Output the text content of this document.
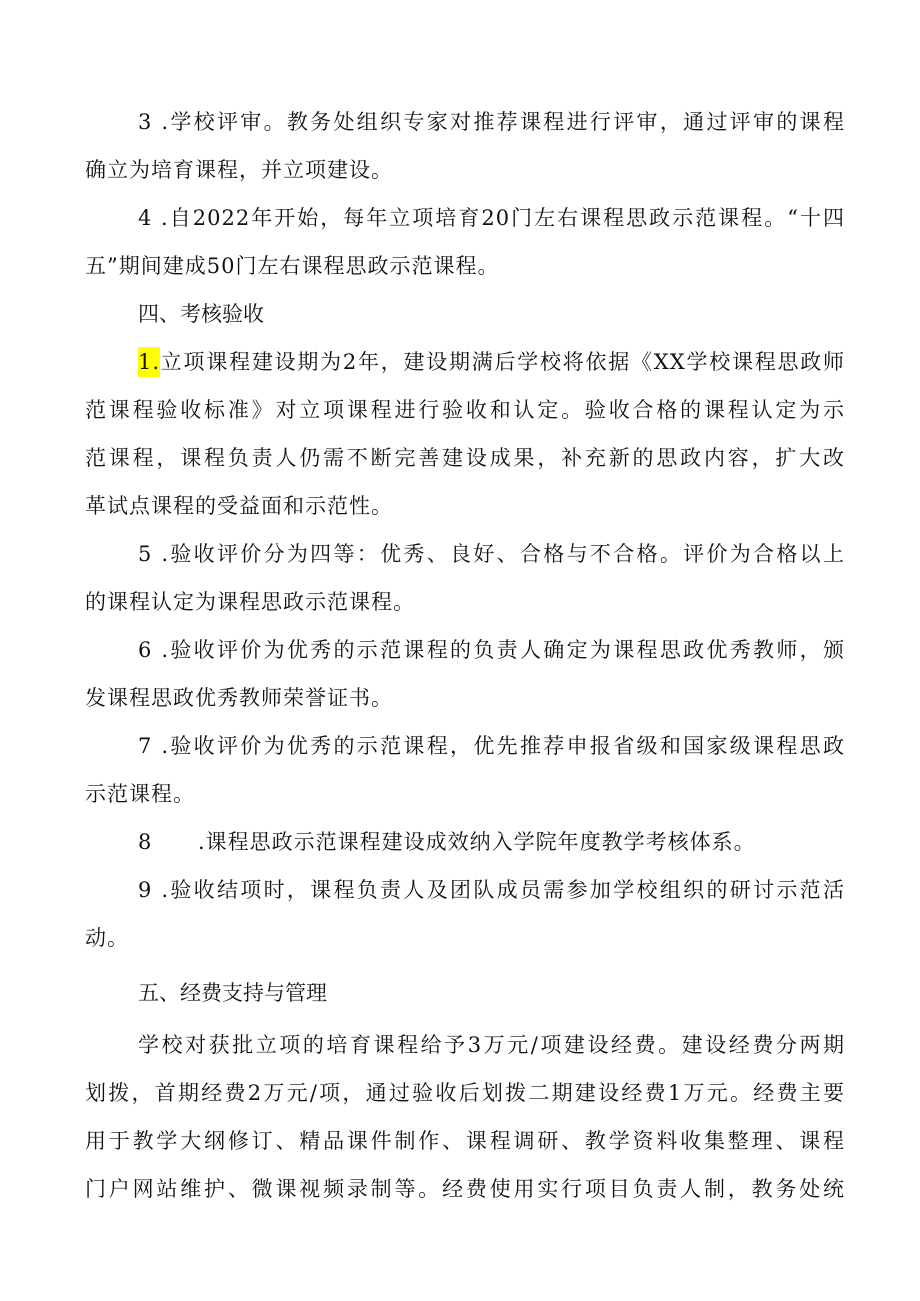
3 .学校评审。教务处组织专家对推荐课程进行评审，通过评审的课程
确立为培育课程，并立项建设。
4 .自2022年开始，每年立项培育20门左右课程思政示范课程。“十四
五”期间建成50门左右课程思政示范课程。
四、考核验收
1.立项课程建设期为2年，建设期满后学校将依据《XX学校课程思政师
范课程验收标准》对立项课程进行验收和认定。验收合格的课程认定为示
范课程，课程负责人仍需不断完善建设成果，补充新的思政内容，扩大改
革试点课程的受益面和示范性。
5 .验收评价分为四等：优秀、良好、合格与不合格。评价为合格以上
的课程认定为课程思政示范课程。
6 .验收评价为优秀的示范课程的负责人确定为课程思政优秀教师，颁
发课程思政优秀教师荣誉证书。
7 .验收评价为优秀的示范课程，优先推荐申报省级和国家级课程思政
示范课程。
8 .课程思政示范课程建设成效纳入学院年度教学考核体系。
9 .验收结项时，课程负责人及团队成员需参加学校组织的研讨示范活
动。
五、经费支持与管理
学校对获批立项的培育课程给予3万元/项建设经费。建设经费分两期
划拨，首期经费2万元/项，通过验收后划拨二期建设经费1万元。经费主要
用于教学大纲修订、精品课件制作、课程调研、教学资料收集整理、课程
门户网站维护、微课视频录制等。经费使用实行项目负责人制，教务处统
